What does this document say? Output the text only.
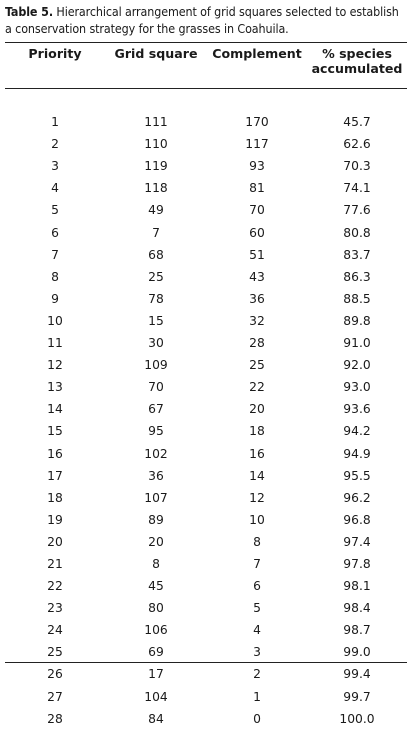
Table 5. Hierarchical arrangement of grid squares selected to establish a conservation strategy for the grasses in Coahuila.
Priority	Grid square	Complement	% species accumulated

1	111	170	45.7
2	110	117	62.6
3	119	93	70.3
4	118	81	74.1
5	49	70	77.6
6	7	60	80.8
7	68	51	83.7
8	25	43	86.3
9	78	36	88.5
10	15	32	89.8
11	30	28	91.0
12	109	25	92.0
13	70	22	93.0
14	67	20	93.6
15	95	18	94.2
16	102	16	94.9
17	36	14	95.5
18	107	12	96.2
19	89	10	96.8
20	20	8	97.4
21	8	7	97.8
22	45	6	98.1
23	80	5	98.4
24	106	4	98.7
25	69	3	99.0
26	17	2	99.4
27	104	1	99.7
28	84	0	100.0
